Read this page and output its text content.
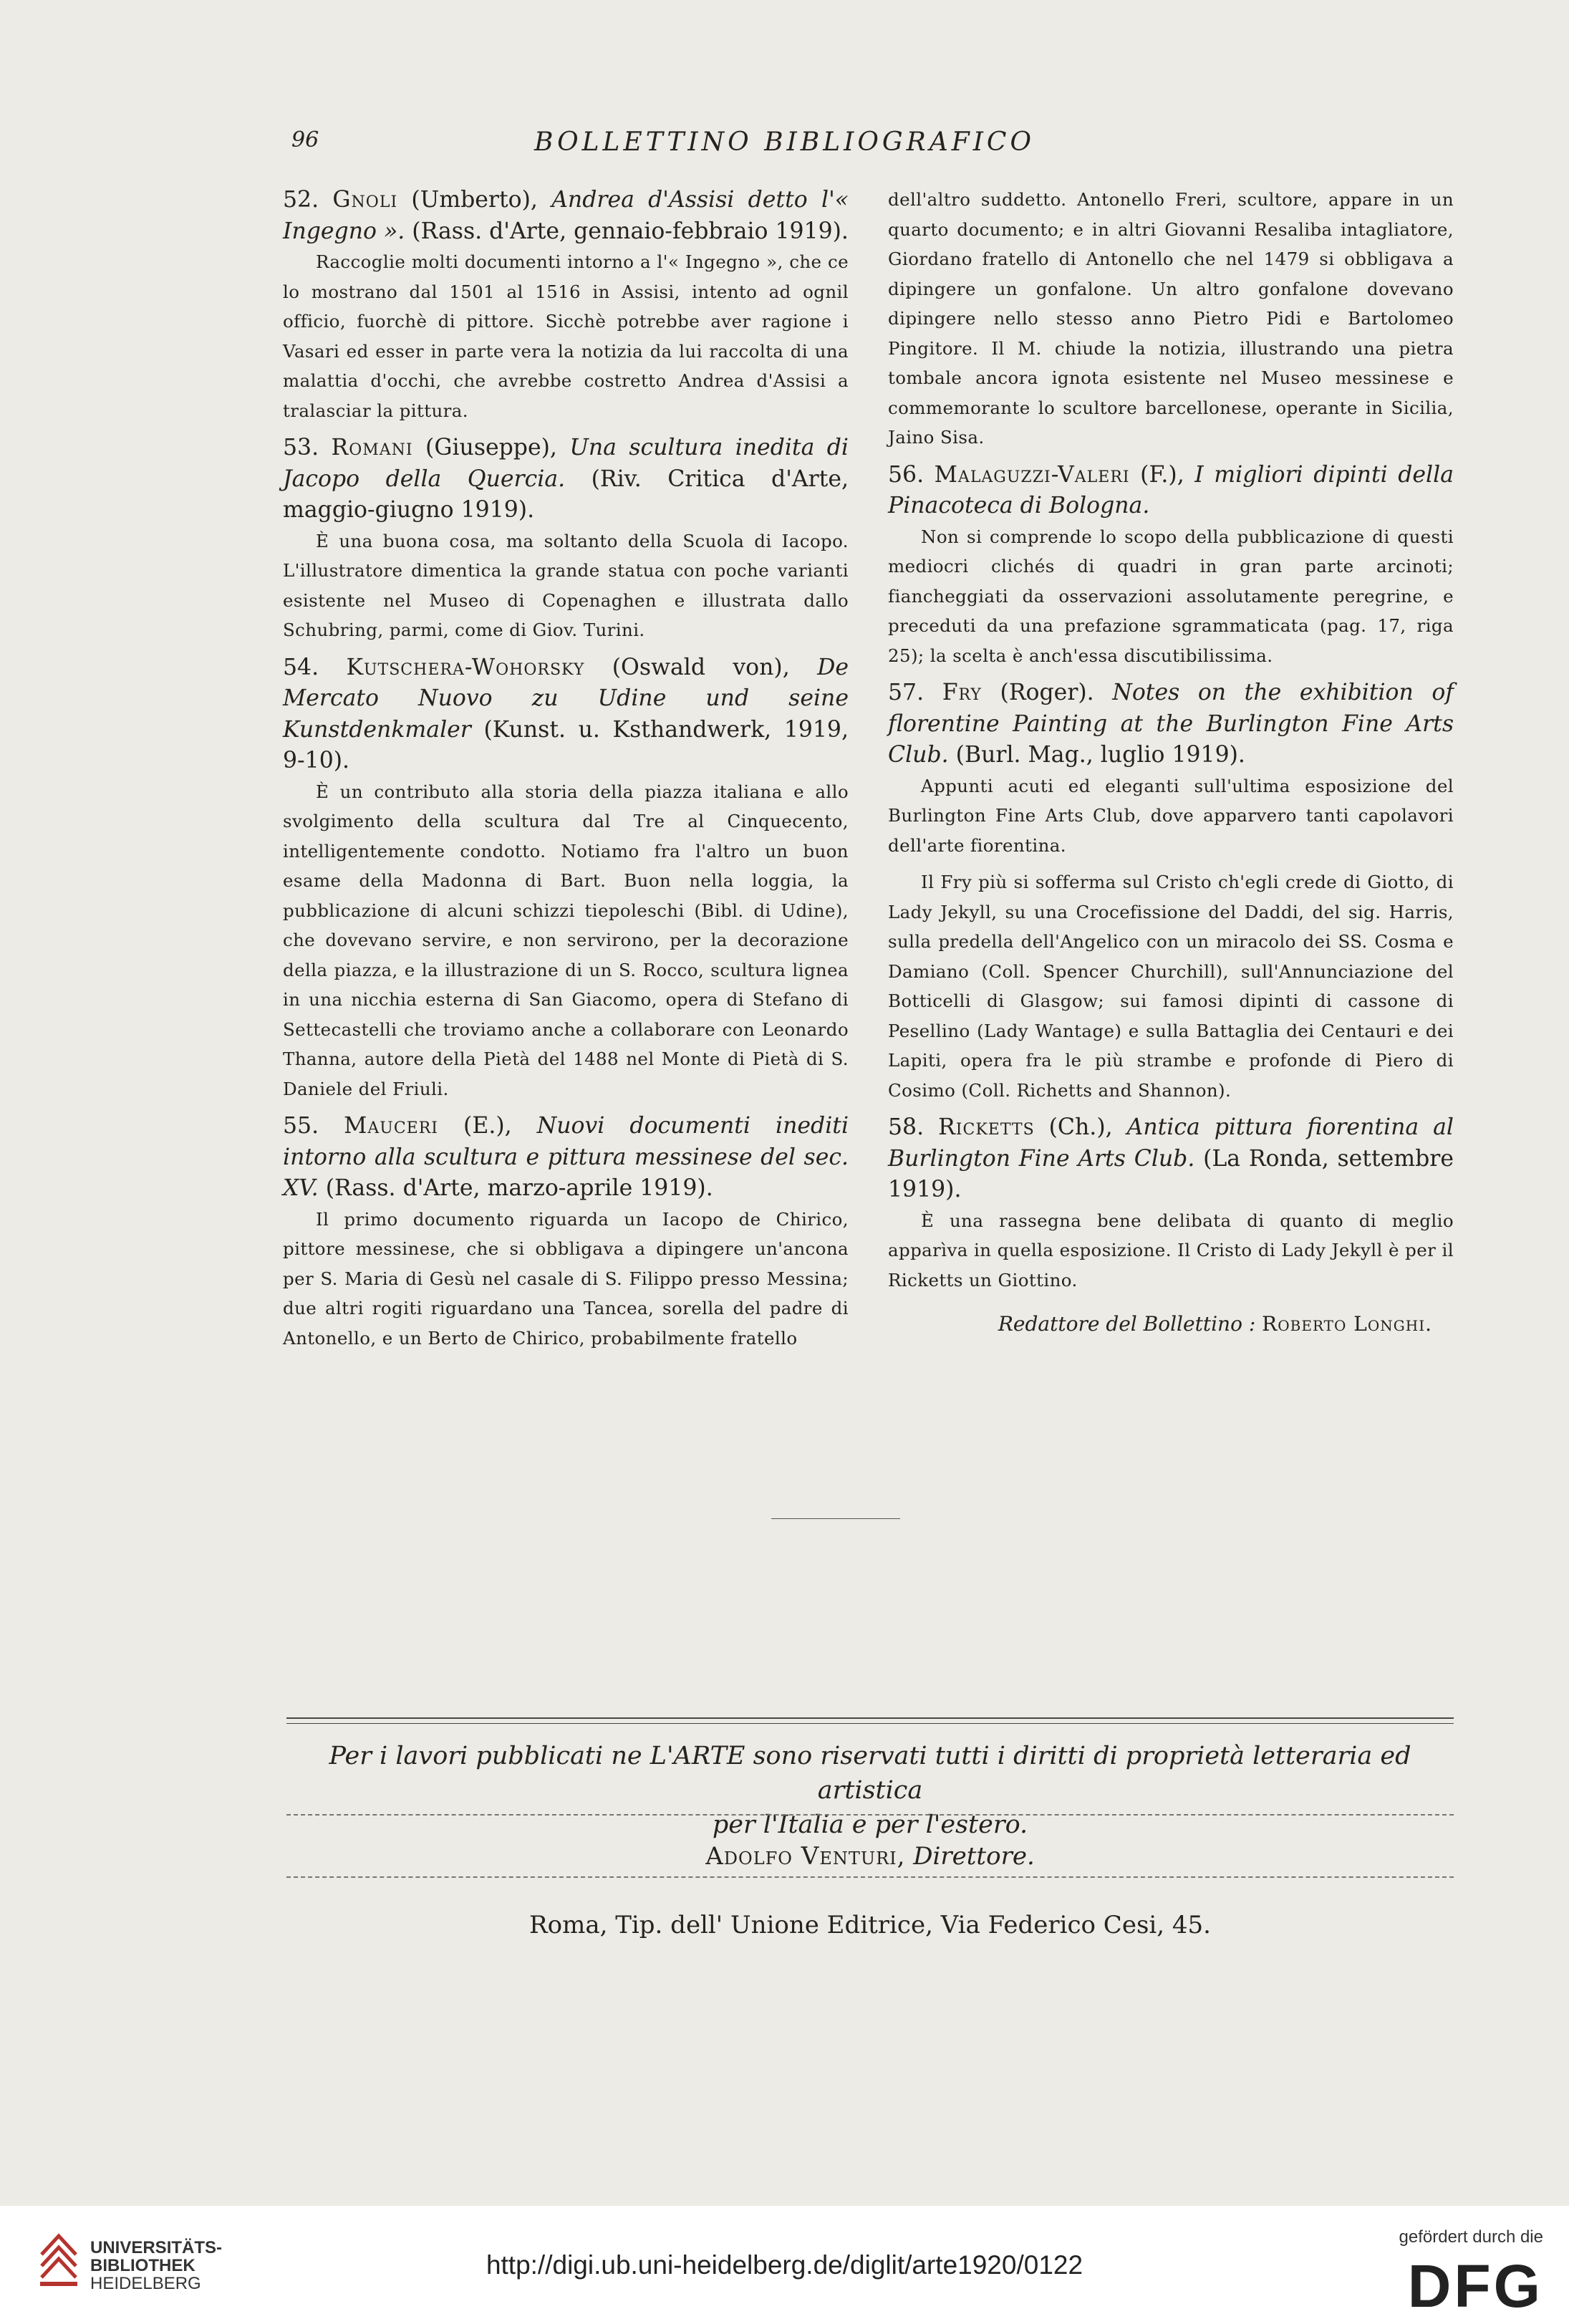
96	BOLLETTINO BIBLIOGRAFICO

52. Gnoli (Umberto), Andrea d'Assisi detto l'« Ingegno ». (Rass. d'Arte, gennaio-febbraio 1919).

Raccoglie molti documenti intorno a l'« Ingegno », che ce lo mostrano dal 1501 al 1516 in Assisi, intento ad ognil officio, fuorchè di pittore. Sicchè potrebbe aver ragione i Vasari ed esser in parte vera la notizia da lui raccolta di una malattia d'occhi, che avrebbe costretto Andrea d'Assisi a tralasciar la pittura.

53. Romani (Giuseppe), Una scultura inedita di Jacopo della Quercia. (Riv. Critica d'Arte, maggio-giugno 1919).

È una buona cosa, ma soltanto della Scuola di Iacopo. L'illustratore dimentica la grande statua con poche varianti esistente nel Museo di Copenaghen e illustrata dallo Schubring, parmi, come di Giov. Turini.

54. Kutschera-Wohorsky (Oswald von), De Mercato Nuovo zu Udine und seine Kunstdenkmaler (Kunst. u. Ksthandwerk, 1919, 9-10).

È un contributo alla storia della piazza italiana e allo svolgimento della scultura dal Tre al Cinquecento, intelligentemente condotto. Notiamo fra l'altro un buon esame della Madonna di Bart. Buon nella loggia, la pubblicazione di alcuni schizzi tiepoleschi (Bibl. di Udine), che dovevano servire, e non servirono, per la decorazione della piazza, e la illustrazione di un S. Rocco, scultura lignea in una nicchia esterna di San Giacomo, opera di Stefano di Settecastelli che troviamo anche a collaborare con Leonardo Thanna, autore della Pietà del 1488 nel Monte di Pietà di S. Daniele del Friuli.

55. Mauceri (E.), Nuovi documenti inediti intorno alla scultura e pittura messinese del sec. XV. (Rass. d'Arte, marzo-aprile 1919).

Il primo documento riguarda un Iacopo de Chirico, pittore messinese, che si obbligava a dipingere un'ancona per S. Maria di Gesù nel casale di S. Filippo presso Messina; due altri rogiti riguardano una Tancea, sorella del padre di Antonello, e un Berto de Chirico, probabilmente fratello

dell'altro suddetto. Antonello Freri, scultore, appare in un quarto documento; e in altri Giovanni Resaliba intagliatore, Giordano fratello di Antonello che nel 1479 si obbligava a dipingere un gonfalone. Un altro gonfalone dovevano dipingere nello stesso anno Pietro Pidi e Bartolomeo Pingitore. Il M. chiude la notizia, illustrando una pietra tombale ancora ignota esistente nel Museo messinese e commemorante lo scultore barcellonese, operante in Sicilia, Jaino Sisa.

56. Malaguzzi-Valeri (F.), I migliori dipinti della Pinacoteca di Bologna.

Non si comprende lo scopo della pubblicazione di questi mediocri clichés di quadri in gran parte arcinoti; fiancheggiati da osservazioni assolutamente peregrine, e preceduti da una prefazione sgrammaticata (pag. 17, riga 25); la scelta è anch'essa discutibilissima.

57. Fry (Roger). Notes on the exhibition of florentine Painting at the Burlington Fine Arts Club. (Burl. Mag., luglio 1919).

Appunti acuti ed eleganti sull'ultima esposizione del Burlington Fine Arts Club, dove apparvero tanti capolavori dell'arte fiorentina.

Il Fry più si sofferma sul Cristo ch'egli crede di Giotto, di Lady Jekyll, su una Crocefissione del Daddi, del sig. Harris, sulla predella dell'Angelico con un miracolo dei SS. Cosma e Damiano (Coll. Spencer Churchill), sull'Annunciazione del Botticelli di Glasgow; sui famosi dipinti di cassone di Pesellino (Lady Wantage) e sulla Battaglia dei Centauri e dei Lapiti, opera fra le più strambe e profonde di Piero di Cosimo (Coll. Richetts and Shannon).

58. Ricketts (Ch.), Antica pittura fiorentina al Burlington Fine Arts Club. (La Ronda, settembre 1919).

È una rassegna bene delibata di quanto di meglio apparìva in quella esposizione. Il Cristo di Lady Jekyll è per il Ricketts un Giottino.

Redattore del Bollettino : Roberto Longhi.
Per i lavori pubblicati ne L'ARTE sono riservati tutti i diritti di proprietà letteraria ed artistica
per l'Italia e per l'estero.
Adolfo Venturi, Direttore.
Roma, Tip. dell' Unione Editrice, Via Federico Cesi, 45.
UNIVERSITÄTS-
BIBLIOTHEK
HEIDELBERG
http://digi.ub.uni-heidelberg.de/diglit/arte1920/0122
gefördert durch die
DFG
